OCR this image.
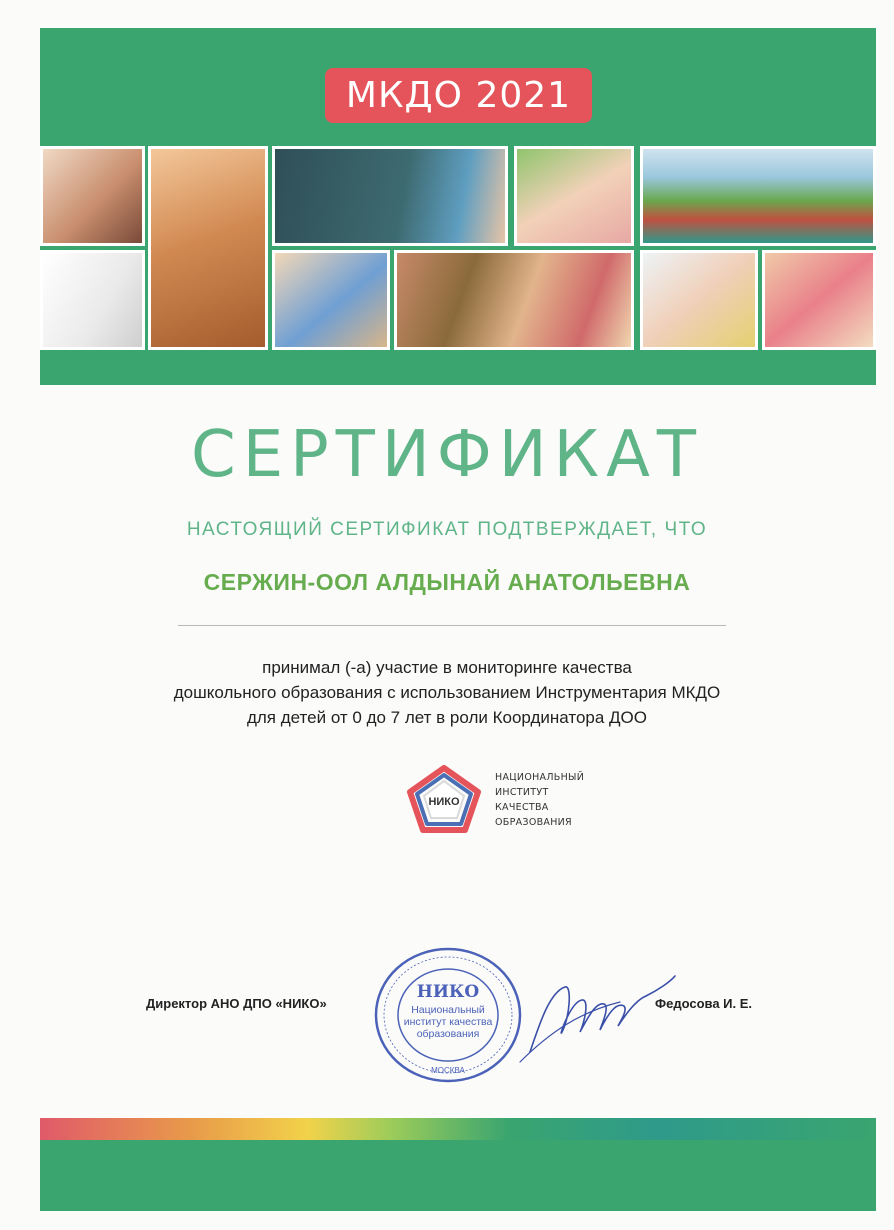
МКДО 2021
СЕРТИФИКАТ
НАСТОЯЩИЙ СЕРТИФИКАТ ПОДТВЕРЖДАЕТ, ЧТО
СЕРЖИН-ООЛ АЛДЫНАЙ АНАТОЛЬЕВНА
принимал (-а) участие в мониторинге качества
дошкольного образования с использованием Инструментария МКДО
для детей от 0 до 7 лет в роли Координатора ДОО
НИКО
НАЦИОНАЛЬНЫЙ
ИНСТИТУТ
КАЧЕСТВА
ОБРАЗОВАНИЯ
Директор АНО ДПО «НИКО»	Федосова И. Е.
НИКО
Национальный
институт качества
образования
МОСКВА
